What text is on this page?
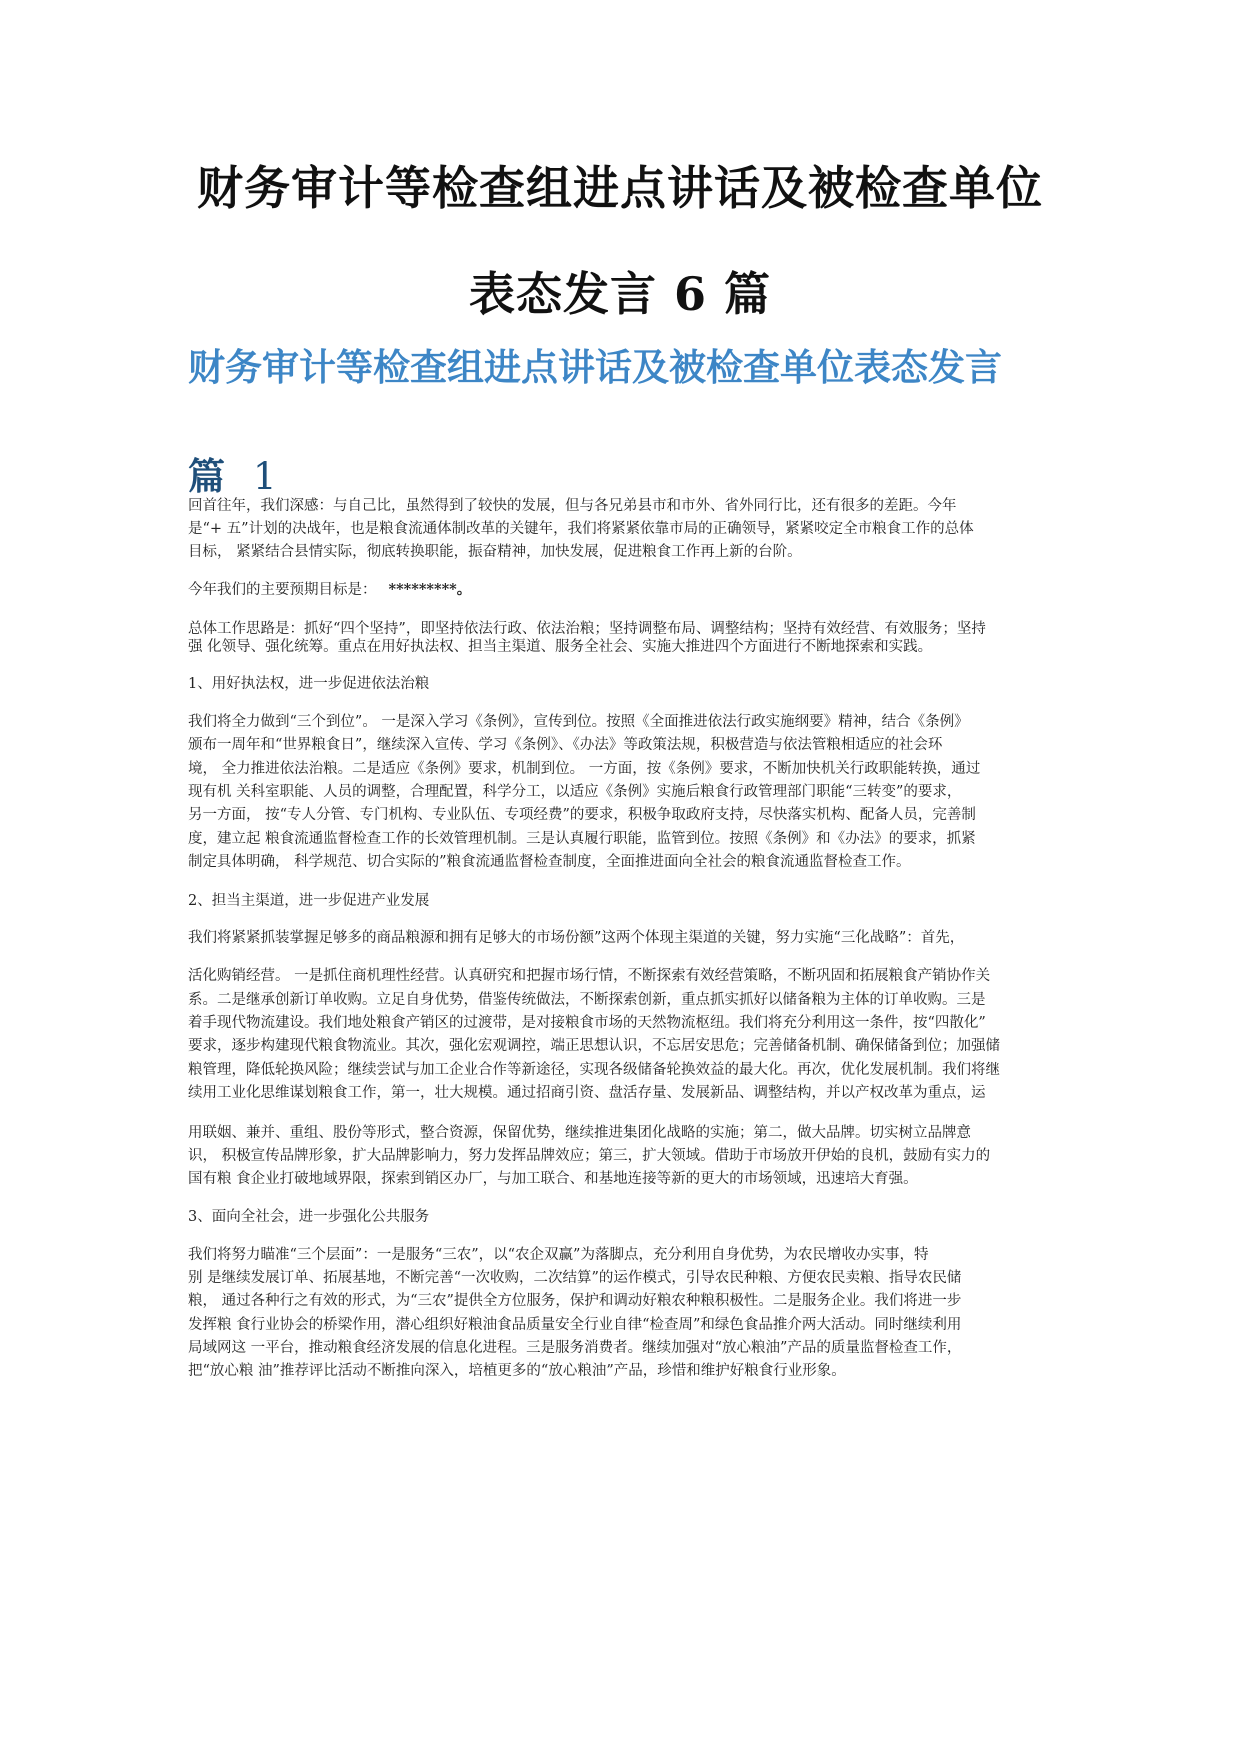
财务审计等检查组进点讲话及被检查单位
表态发言 6 篇
财务审计等检查组进点讲话及被检查单位表态发言
篇 1
回首往年，我们深感：与自己比，虽然得到了较快的发展，但与各兄弟县市和市外、省外同行比，还有很多的差距。今年
是“+ 五”计划的决战年，也是粮食流通体制改革的关键年，我们将紧紧依靠市局的正确领导，紧紧咬定全市粮食工作的总体
目标， 紧紧结合县情实际，彻底转换职能，振奋精神，加快发展，促进粮食工作再上新的台阶。
今年我们的主要预期目标是： *********。
总体工作思路是：抓好“四个坚持”，即坚持依法行政、依法治粮；坚持调整布局、调整结构；坚持有效经营、有效服务；坚持
强 化领导、强化统筹。重点在用好执法权、担当主渠道、服务全社会、实施大推进四个方面进行不断地探索和实践。
1、用好执法权，进一步促进依法治粮
我们将全力做到“三个到位”。 一是深入学习《条例》，宣传到位。按照《全面推进依法行政实施纲要》精神，结合《条例》
颁布一周年和“世界粮食日”，继续深入宣传、学习《条例》、《办法》等政策法规，积极营造与依法管粮相适应的社会环
境， 全力推进依法治粮。二是适应《条例》要求，机制到位。 一方面，按《条例》要求，不断加快机关行政职能转换，通过
现有机 关科室职能、人员的调整，合理配置，科学分工，以适应《条例》实施后粮食行政管理部门职能“三转变”的要求，
另一方面， 按“专人分管、专门机构、专业队伍、专项经费”的要求，积极争取政府支持，尽快落实机构、配备人员，完善制
度，建立起 粮食流通监督检查工作的长效管理机制。三是认真履行职能，监管到位。按照《条例》和《办法》的要求，抓紧
制定具体明确， 科学规范、切合实际的”粮食流通监督检查制度，全面推进面向全社会的粮食流通监督检查工作。
2、担当主渠道，进一步促进产业发展
我们将紧紧抓装掌握足够多的商品粮源和拥有足够大的市场份额”这两个体现主渠道的关键，努力实施“三化战略”：首先，
活化购销经营。 一是抓住商机理性经营。认真研究和把握市场行情，不断探索有效经营策略，不断巩固和拓展粮食产销协作关
系。二是继承创新订单收购。立足自身优势，借鉴传统做法，不断探索创新，重点抓实抓好以储备粮为主体的订单收购。三是
着手现代物流建设。我们地处粮食产销区的过渡带，是对接粮食市场的天然物流枢纽。我们将充分利用这一条件，按“四散化”
要求，逐步构建现代粮食物流业。其次，强化宏观调控，端正思想认识，不忘居安思危；完善储备机制、确保储备到位；加强储
粮管理，降低轮换风险；继续尝试与加工企业合作等新途径，实现各级储备轮换效益的最大化。再次，优化发展机制。我们将继
续用工业化思维谋划粮食工作，第一，壮大规模。通过招商引资、盘活存量、发展新品、调整结构，并以产权改革为重点，运
用联姻、兼并、重组、股份等形式，整合资源，保留优势，继续推进集团化战略的实施；第二，做大品牌。切实树立品牌意
识， 积极宣传品牌形象，扩大品牌影响力，努力发挥品牌效应；第三，扩大领域。借助于市场放开伊始的良机，鼓励有实力的
国有粮 食企业打破地域界限，探索到销区办厂，与加工联合、和基地连接等新的更大的市场领域，迅速培大育强。
3、面向全社会，进一步强化公共服务
我们将努力瞄准“三个层面”：一是服务“三农”，以“农企双赢”为落脚点，充分利用自身优势，为农民增收办实事，特
别 是继续发展订单、拓展基地，不断完善“一次收购，二次结算”的运作模式，引导农民种粮、方便农民卖粮、指导农民储
粮， 通过各种行之有效的形式，为“三农”提供全方位服务，保护和调动好粮农种粮积极性。二是服务企业。我们将进一步
发挥粮 食行业协会的桥梁作用，潜心组织好粮油食品质量安全行业自律“检查周”和绿色食品推介两大活动。同时继续利用
局域网这 一平台，推动粮食经济发展的信息化进程。三是服务消费者。继续加强对“放心粮油”产品的质量监督检查工作，
把“放心粮 油”推荐评比活动不断推向深入，培植更多的“放心粮油”产品，珍惜和维护好粮食行业形象。
